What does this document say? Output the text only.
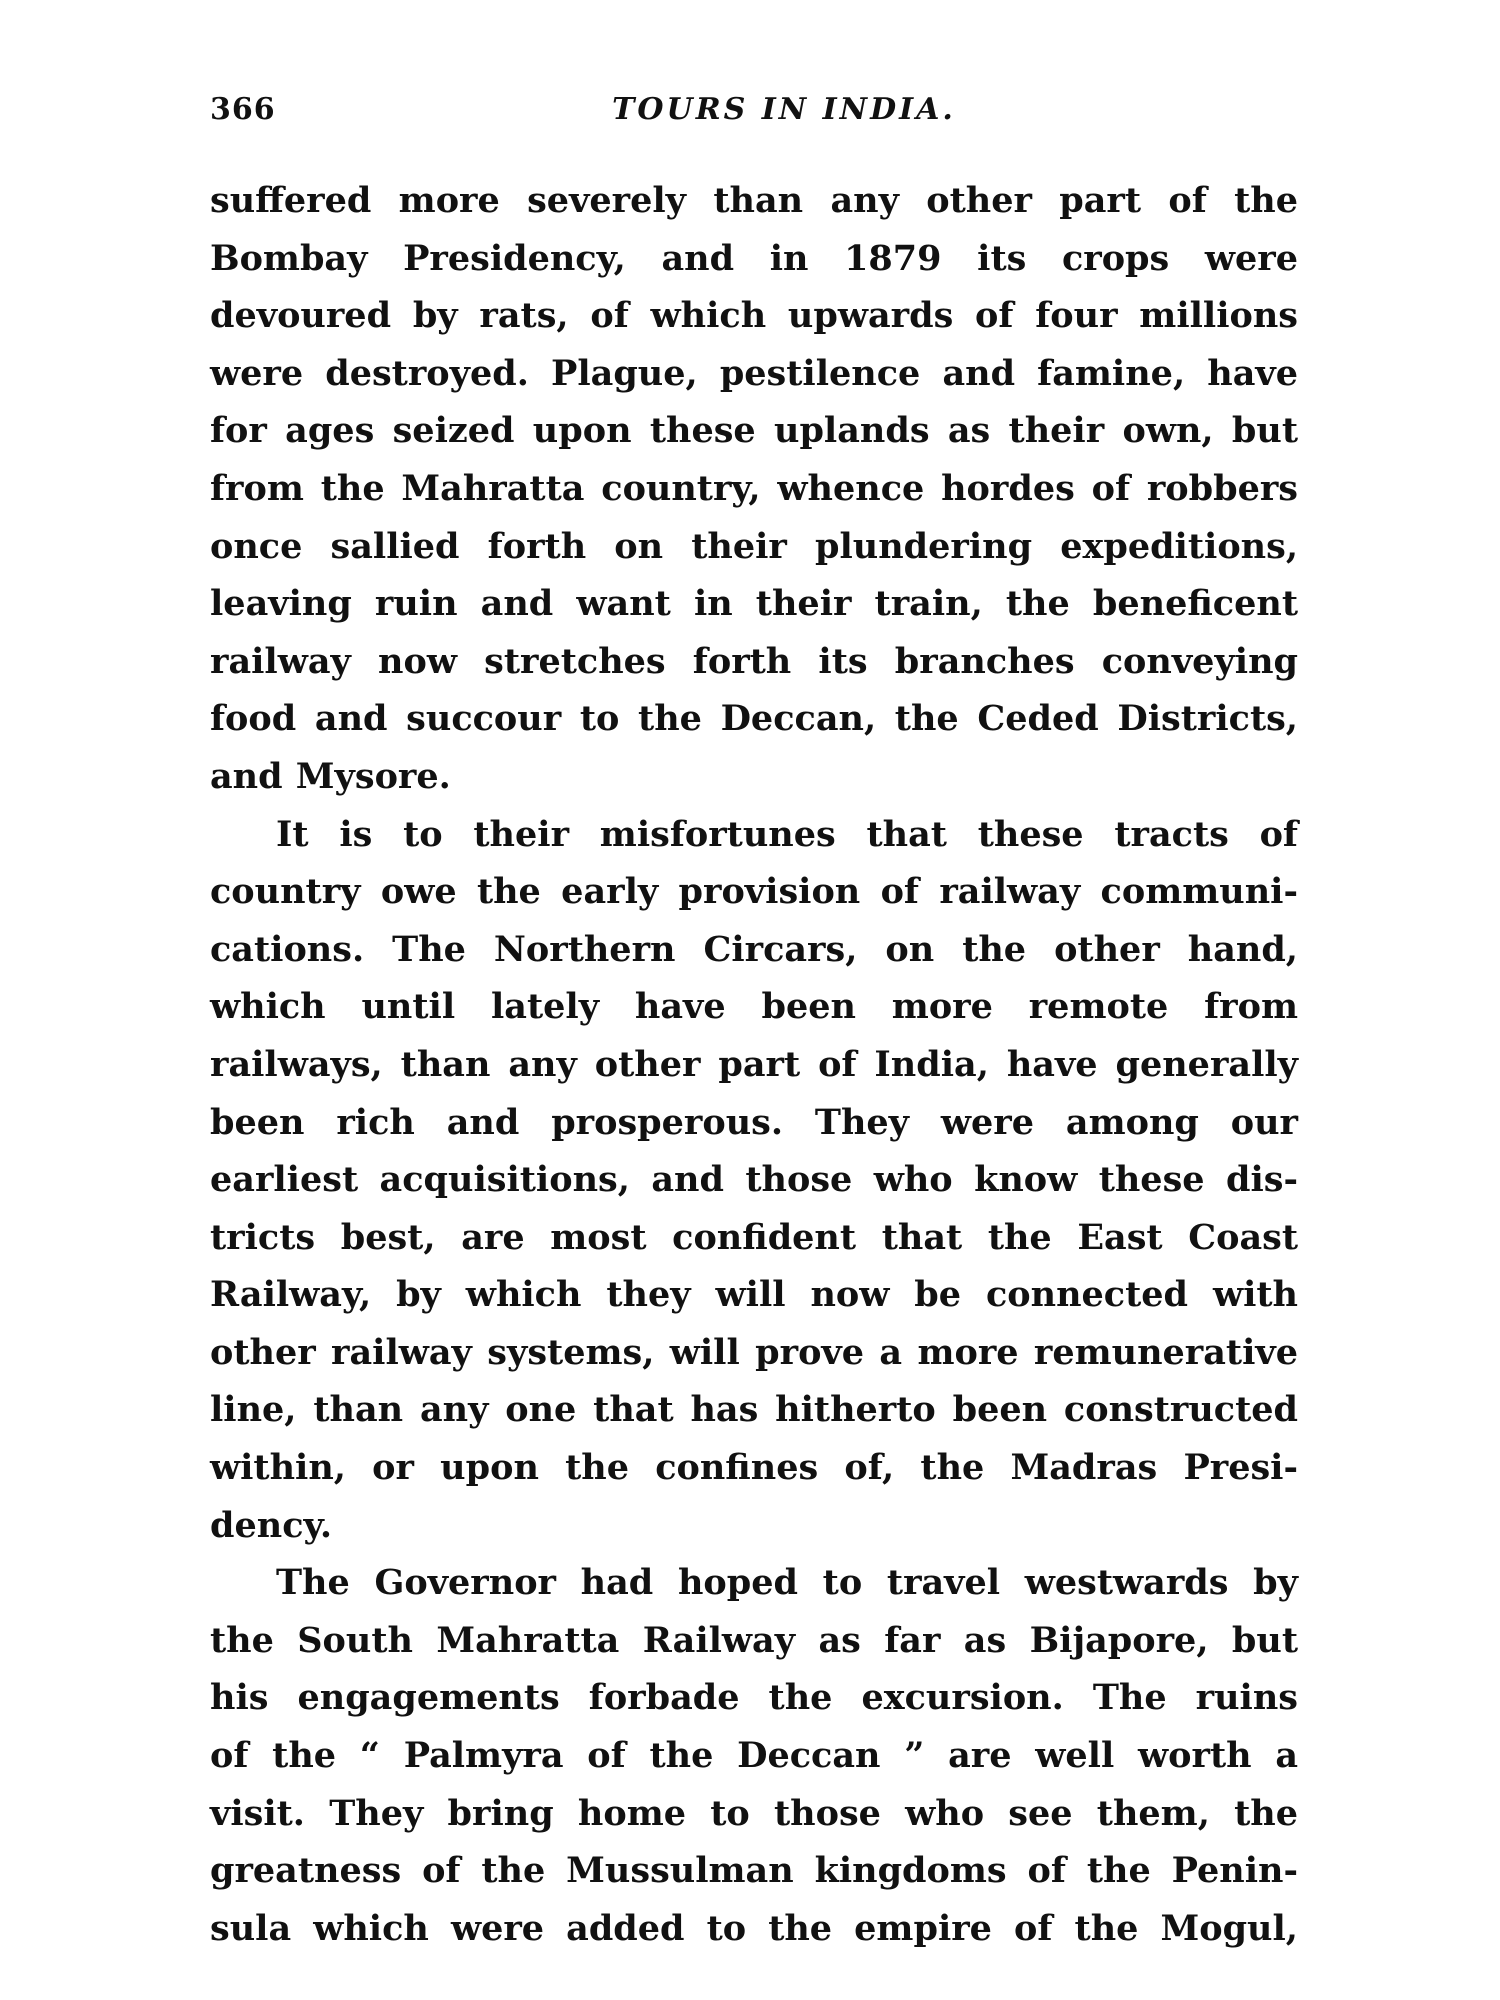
366	TOURS IN INDIA.

suffered more severely than any other part of the
Bombay Presidency, and in 1879 its crops were
devoured by rats, of which upwards of four millions
were destroyed. Plague, pestilence and famine, have
for ages seized upon these uplands as their own, but
from the Mahratta country, whence hordes of robbers
once sallied forth on their plundering expeditions,
leaving ruin and want in their train, the beneficent
railway now stretches forth its branches conveying
food and succour to the Deccan, the Ceded Districts,
and Mysore.

It is to their misfortunes that these tracts of
country owe the early provision of railway communi-
cations. The Northern Circars, on the other hand,
which until lately have been more remote from
railways, than any other part of India, have generally
been rich and prosperous. They were among our
earliest acquisitions, and those who know these dis-
tricts best, are most confident that the East Coast
Railway, by which they will now be connected with
other railway systems, will prove a more remunerative
line, than any one that has hitherto been constructed
within, or upon the confines of, the Madras Presi-
dency.

The Governor had hoped to travel westwards by
the South Mahratta Railway as far as Bijapore, but
his engagements forbade the excursion. The ruins
of the “ Palmyra of the Deccan ” are well worth a
visit. They bring home to those who see them, the
greatness of the Mussulman kingdoms of the Penin-
sula which were added to the empire of the Mogul,
